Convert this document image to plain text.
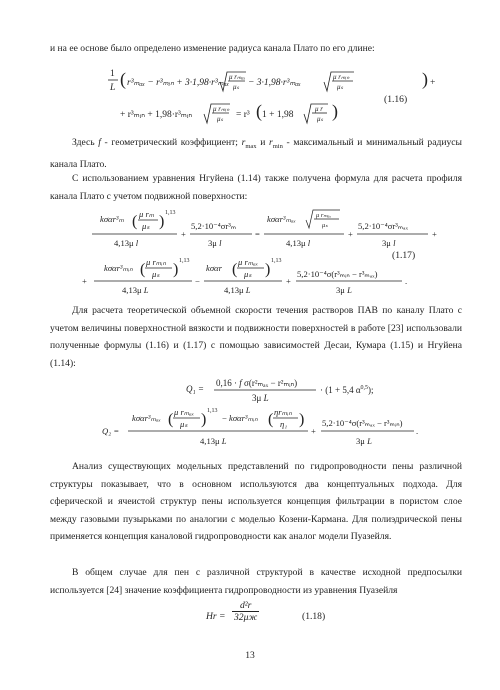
и на ее основе было определено изменение радиуса канала Плато по его длине:

1
L ( r³ₘₐₓ − r³ₘᵢₙ + 3·1,98·r³ₘₐₓ − 3·1,98·r³ₘₐₓ	) +
+ r³ₘᵢₙ + 1,98·r³ₘᵢₙ	= r³ ( 1 + 1,98 )
μ rₘₐₓ
μₛ
μ rₘᵢₙ
μₛ
μ rₘᵢₙ
μₛ
μ r
μₛ
(1.16)

Здесь f - геометрический коэффициент; $r_{max}$ и $r_{min}$ - максимальный и минимальный радиусы канала Плато.

С использованием уравнения Нгуйена (1.14) также получена формула для расчета профиля канала Плато с учетом подвижной поверхности:

kσαr³ₘ ( μ rₘ
μₛ ) 1,13
4,13μ l
+
5,2·10⁻⁴σr³ₘ
3μ l
=
kσαr³ₘₐₓ
4,13μ l
+
5,2·10⁻⁴σr³ₘₐₓ
3μ l
+
+
kσαr³ₘᵢₙ ( μ rₘᵢₙ
μₛ ) 1,13
4,13μ L
−
kσαr ( μ rₘₐₓ
μₛ ) 1,13
4,13μ L
+
5,2·10⁻⁴σ(r³ₘᵢₙ − r³ₘₐₓ)
3μ L
.
μ rₘₐₓ
μₛ
(1.17)

Для расчета теоретической объемной скорости течения растворов ПАВ по каналу Плато с учетом величины поверхностной вязкости и подвижности поверхностей в работе [23] использовали полученные формулы (1.16) и (1.17) с помощью зависимостей Десаи, Кумара (1.15) и Нгуйена (1.14):

Q₁ =
0,16 · f σ(r²ₘₐₓ − r²ₘᵢₙ)
3μ L
· (1 + 5,4 $\alpha^{0,5}$);
Q₂ =
kσαr³ₘₐₓ ( μ rₘₐₓ
μₛ ) 1,13
− kσαr³ₘᵢₙ ( ηrₘᵢₙ
η₁ )
4,13μ L
+
5,2·10⁻⁴σ(r³ₘₐₓ − r³ₘᵢₙ)
3μ L
.

Анализ существующих модельных представлений по гидропроводности пены различной структуры показывает, что в основном используются два концептуальных подхода. Для сферической и ячеистой структур пены используется концепция фильтрации в пористом слое между газовыми пузырьками по аналогии с моделью Козени-Кармана. Для полиэдрической пены применяется концепция каналовой гидропроводности как аналог модели Пуазейля.

В общем случае для пен с различной структурой в качестве исходной предпосылки используется [24] значение коэффициента гидропроводности из уравнения Пуазейля

Hr =
d²r
32μж	(1.18)
13
